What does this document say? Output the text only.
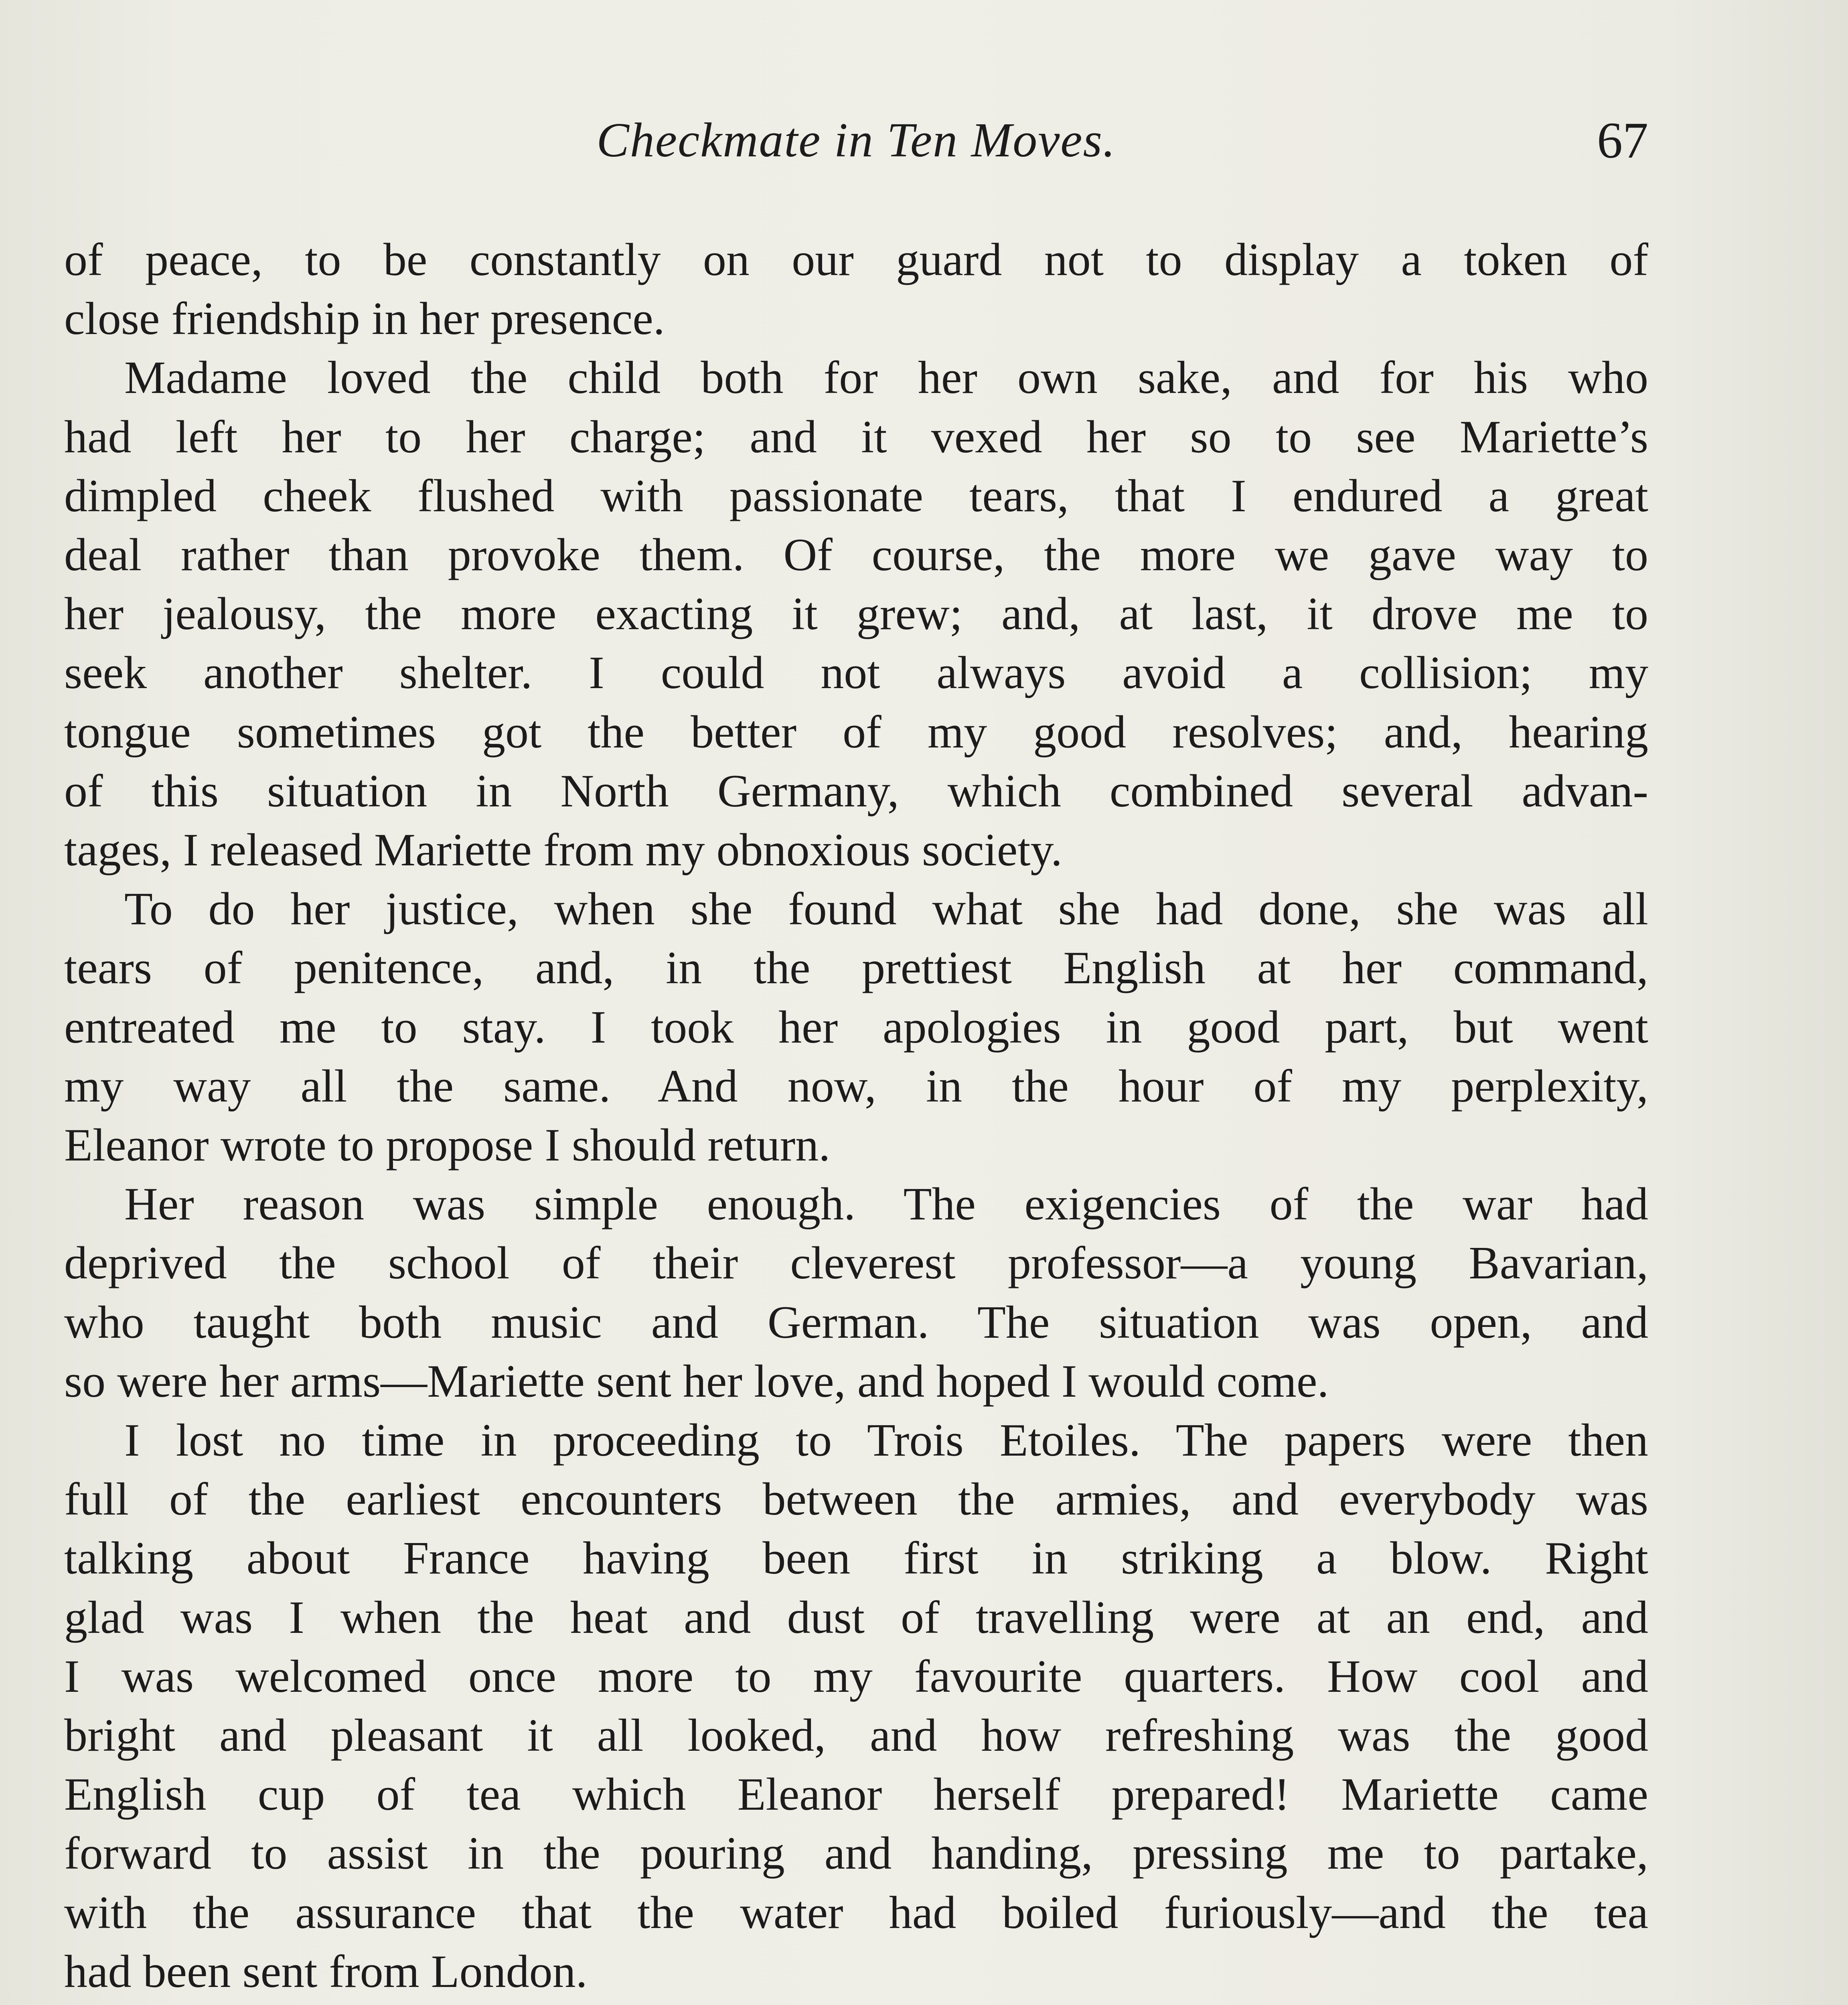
Checkmate in Ten Moves.	67

of peace, to be constantly on our guard not to display a token of

close friendship in her presence.

Madame loved the child both for her own sake, and for his who

had left her to her charge; and it vexed her so to see Mariette’s

dimpled cheek flushed with passionate tears, that I endured a great

deal rather than provoke them. Of course, the more we gave way to

her jealousy, the more exacting it grew; and, at last, it drove me to

seek another shelter. I could not always avoid a collision; my

tongue sometimes got the better of my good resolves; and, hearing

of this situation in North Germany, which combined several advan-

tages, I released Mariette from my obnoxious society.

To do her justice, when she found what she had done, she was all

tears of penitence, and, in the prettiest English at her command,

entreated me to stay. I took her apologies in good part, but went

my way all the same. And now, in the hour of my perplexity,

Eleanor wrote to propose I should return.

Her reason was simple enough. The exigencies of the war had

deprived the school of their cleverest professor—a young Bavarian,

who taught both music and German. The situation was open, and

so were her arms—Mariette sent her love, and hoped I would come.

I lost no time in proceeding to Trois Etoiles. The papers were then

full of the earliest encounters between the armies, and everybody was

talking about France having been first in striking a blow. Right

glad was I when the heat and dust of travelling were at an end, and

I was welcomed once more to my favourite quarters. How cool and

bright and pleasant it all looked, and how refreshing was the good

English cup of tea which Eleanor herself prepared! Mariette came

forward to assist in the pouring and handing, pressing me to partake,

with the assurance that the water had boiled furiously—and the tea

had been sent from London.
